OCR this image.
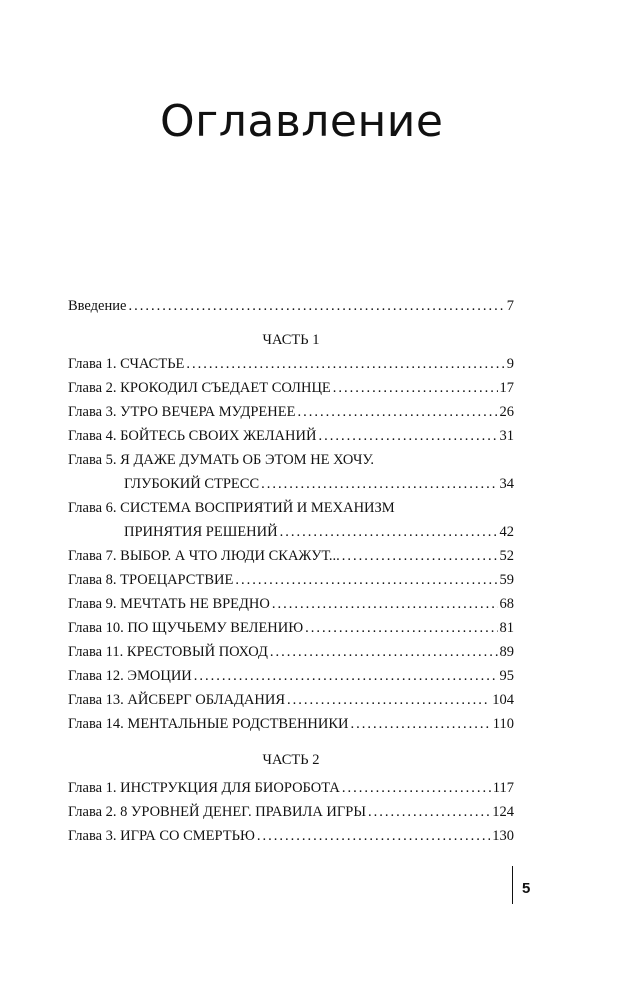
Оглавление
Введение .....	7
ЧАСТЬ 1
Глава 1. СЧАСТЬЕ .....	9
Глава 2. КРОКОДИЛ СЪЕДАЕТ СОЛНЦЕ .....	17
Глава 3. УТРО ВЕЧЕРА МУДРЕНЕЕ .....	26
Глава 4. БОЙТЕСЬ СВОИХ ЖЕЛАНИЙ .....	31
Глава 5. Я ДАЖЕ ДУМАТЬ ОБ ЭТОМ НЕ ХОЧУ.
ГЛУБОКИЙ СТРЕСС .....	34
Глава 6. СИСТЕМА ВОСПРИЯТИЙ И МЕХАНИЗМ
ПРИНЯТИЯ РЕШЕНИЙ .....	42
Глава 7. ВЫБОР. А ЧТО ЛЮДИ СКАЖУТ... .....	52
Глава 8. ТРОЕЦАРСТВИЕ .....	59
Глава 9. МЕЧТАТЬ НЕ ВРЕДНО .....	68
Глава 10. ПО ЩУЧЬЕМУ ВЕЛЕНИЮ .....	81
Глава 11. КРЕСТОВЫЙ ПОХОД .....	89
Глава 12. ЭМОЦИИ .....	95
Глава 13. АЙСБЕРГ ОБЛАДАНИЯ .....	104
Глава 14. МЕНТАЛЬНЫЕ РОДСТВЕННИКИ .....	110
ЧАСТЬ 2
Глава 1. ИНСТРУКЦИЯ ДЛЯ БИОРОБОТА .....	117
Глава 2. 8 УРОВНЕЙ ДЕНЕГ. ПРАВИЛА ИГРЫ .....	124
Глава 3. ИГРА СО СМЕРТЬЮ .....	130
5
